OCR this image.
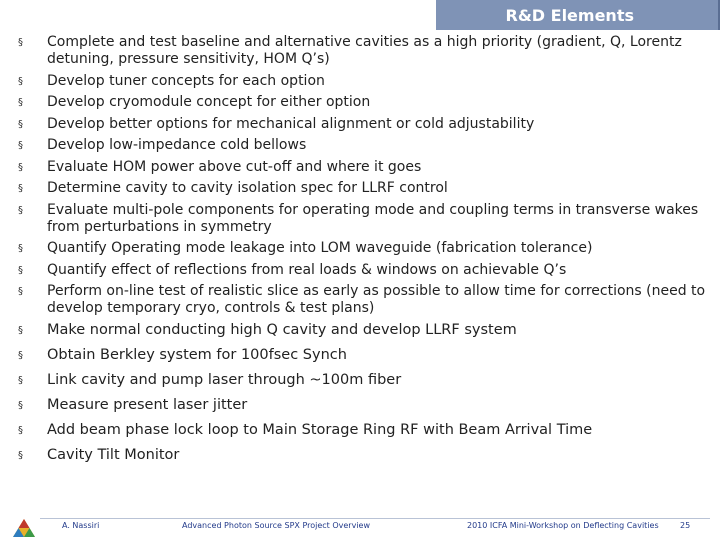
R&D Elements
§ Complete and test baseline and alternative cavities as a high priority (gradient, Q, Lorentz detuning, pressure sensitivity, HOM Q’s)
§ Develop tuner concepts for each option
§ Develop cryomodule concept for either option
§ Develop better options for mechanical alignment or cold adjustability
§ Develop low-impedance cold bellows
§ Evaluate HOM power above cut-off and where it goes
§ Determine cavity to cavity isolation spec for LLRF control
§ Evaluate multi-pole components for operating mode and coupling terms in transverse wakes from perturbations in symmetry
§ Quantify Operating mode leakage into LOM waveguide (fabrication tolerance)
§ Quantify effect of reflections from real loads & windows on achievable Q’s
§ Perform on-line test of realistic slice as early as possible to allow time for corrections (need to develop temporary cryo, controls & test plans)
§ Make normal conducting high Q cavity and develop LLRF system
§ Obtain Berkley system for 100fsec Synch
§ Link cavity and pump laser through ~100m fiber
§ Measure present laser jitter
§ Add beam phase lock loop to Main Storage Ring RF with Beam Arrival Time
§ Cavity Tilt Monitor
A. Nassiri	Advanced Photon Source SPX Project Overview	2010 ICFA Mini-Workshop on Deflecting Cavities	25
